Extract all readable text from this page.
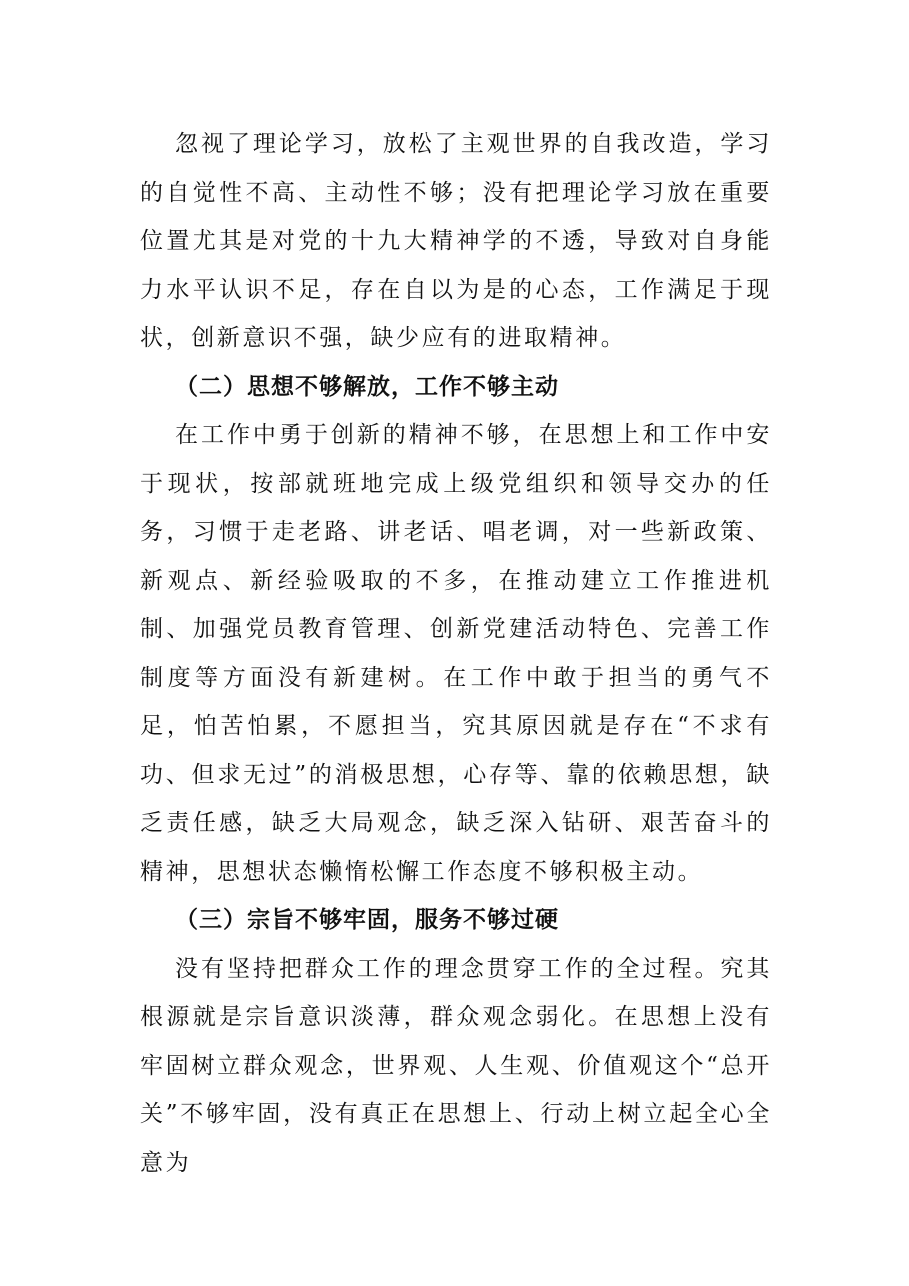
忽视了理论学习，放松了主观世界的自我改造，学习的自觉性不高、主动性不够；没有把理论学习放在重要位置尤其是对党的十九大精神学的不透，导致对自身能力水平认识不足，存在自以为是的心态，工作满足于现状，创新意识不强，缺少应有的进取精神。

（二）思想不够解放，工作不够主动

在工作中勇于创新的精神不够，在思想上和工作中安于现状，按部就班地完成上级党组织和领导交办的任务，习惯于走老路、讲老话、唱老调，对一些新政策、新观点、新经验吸取的不多，在推动建立工作推进机制、加强党员教育管理、创新党建活动特色、完善工作制度等方面没有新建树。在工作中敢于担当的勇气不足，怕苦怕累，不愿担当，究其原因就是存在“不求有功、但求无过”的消极思想，心存等、靠的依赖思想，缺乏责任感，缺乏大局观念，缺乏深入钻研、艰苦奋斗的精神，思想状态懒惰松懈工作态度不够积极主动。

（三）宗旨不够牢固，服务不够过硬

没有坚持把群众工作的理念贯穿工作的全过程。究其根源就是宗旨意识淡薄，群众观念弱化。在思想上没有牢固树立群众观念，世界观、人生观、价值观这个“总开关”不够牢固，没有真正在思想上、行动上树立起全心全意为
